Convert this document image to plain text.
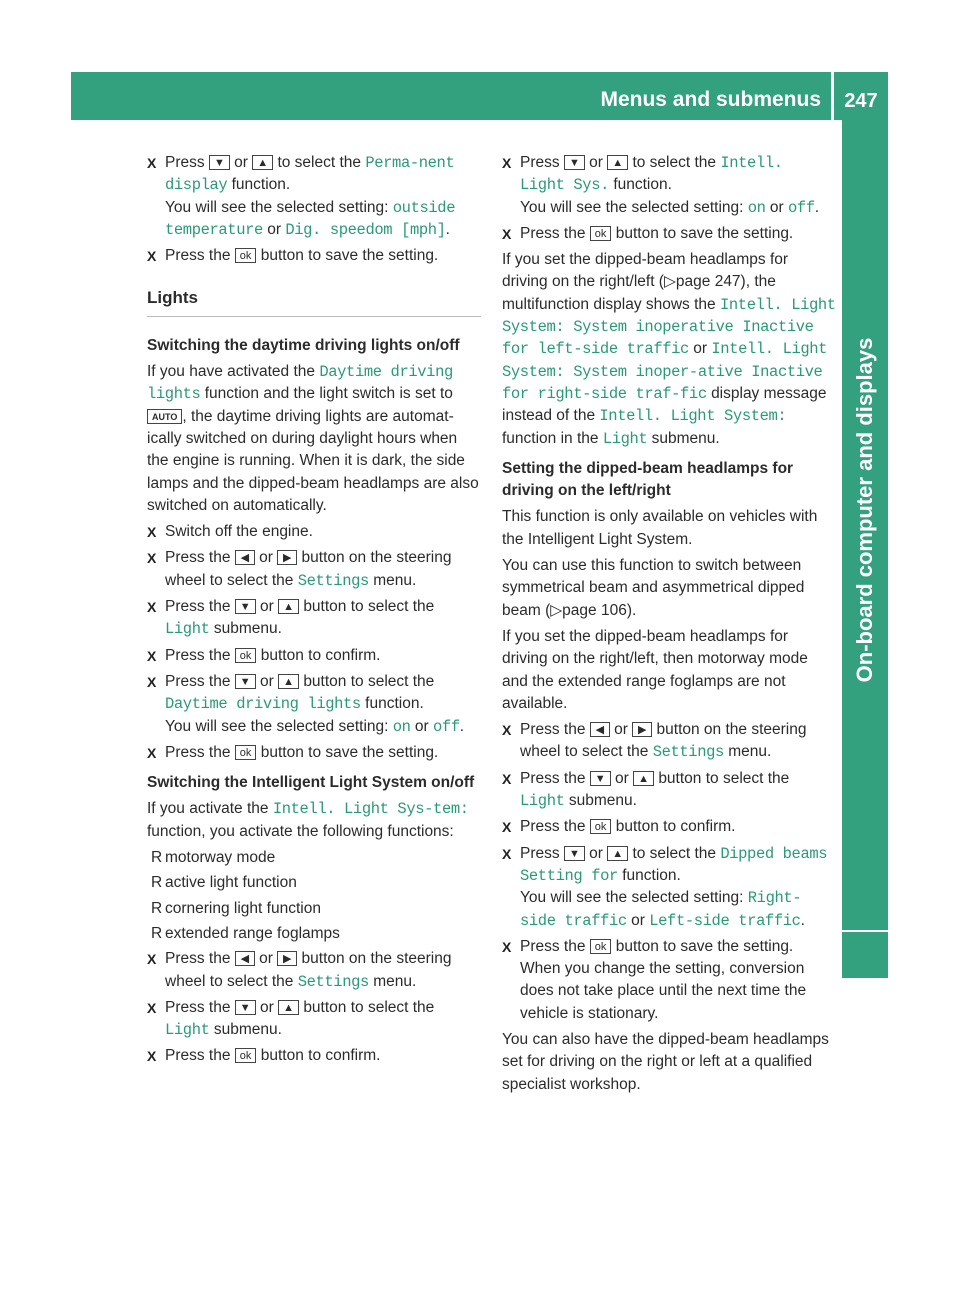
Menus and submenus	247
On-board computer and displays
X Press ▼ or ▲ to select the Perma‐nent display function.
You will see the selected setting: outside temperature or Dig. speedom [mph].
X Press the ok button to save the setting.
Lights
Switching the daytime driving lights on/off

If you have activated the Daytime driving lights function and the light switch is set to AUTO , the daytime driving lights are automatically switched on during daylight hours when the engine is running. When it is dark, the side lamps and the dipped-beam headlamps are also switched on automatically.

X Switch off the engine.
X Press the ◀ or ▶ button on the steering wheel to select the Settings menu.
X Press the ▼ or ▲ button to select the Light submenu.
X Press the ok button to confirm.
X Press the ▼ or ▲ button to select the Daytime driving lights function.
You will see the selected setting: on or off.
X Press the ok button to save the setting.
Switching the Intelligent Light System on/off

If you activate the Intell. Light Sys‐tem: function, you activate the following functions:

R motorway mode
R active light function
R cornering light function
R extended range foglamps
X Press the ◀ or ▶ button on the steering wheel to select the Settings menu.
X Press the ▼ or ▲ button to select the Light submenu.
X Press the ok button to confirm.
X Press ▼ or ▲ to select the Intell. Light Sys. function.
You will see the selected setting: on or off.
X Press the ok button to save the setting.

If you set the dipped-beam headlamps for driving on the right/left (▷page 247), the multifunction display shows the Intell. Light System: System inoperative Inactive for left-side traffic or Intell. Light System: System inoper‐ative Inactive for right-side traf‐fic display message instead of the Intell. Light System: function in the Light submenu.

Setting the dipped-beam headlamps for driving on the left/right

This function is only available on vehicles with the Intelligent Light System.

You can use this function to switch between symmetrical beam and asymmetrical dipped beam (▷page 106).

If you set the dipped-beam headlamps for driving on the right/left, then motorway mode and the extended range foglamps are not available.

X Press the ◀ or ▶ button on the steering wheel to select the Settings menu.
X Press the ▼ or ▲ button to select the Light submenu.
X Press the ok button to confirm.
X Press ▼ or ▲ to select the Dipped beams Setting for function.
You will see the selected setting: Right-side traffic or Left-side traffic.
X Press the ok button to save the setting.
When you change the setting, conversion does not take place until the next time the vehicle is stationary.

You can also have the dipped-beam headlamps set for driving on the right or left at a qualified specialist workshop.
